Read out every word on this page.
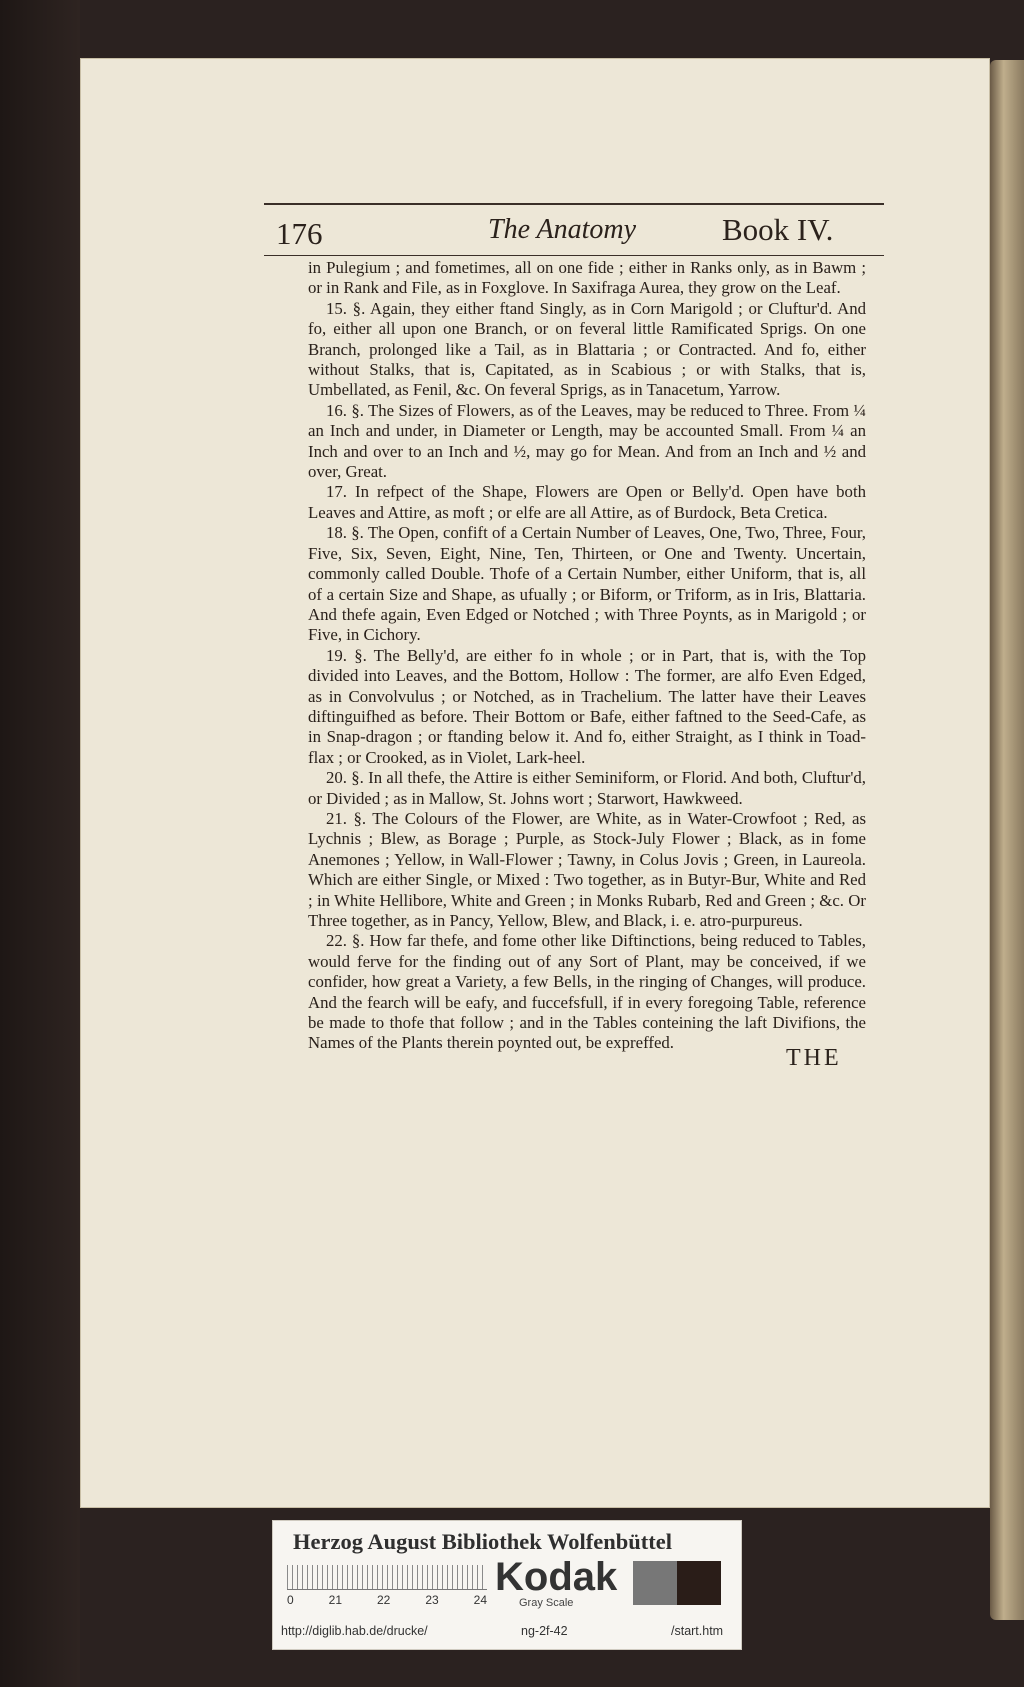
176	The Anatomy	Book IV.

in Pulegium ; and fometimes, all on one fide ; either in Ranks only, as in Bawm ; or in Rank and File, as in Foxglove. In Saxifraga Aurea, they grow on the Leaf.

15. §. Again, they either ftand Singly, as in Corn Marigold ; or Cluftur'd. And fo, either all upon one Branch, or on feveral little Ramificated Sprigs. On one Branch, prolonged like a Tail, as in Blattaria ; or Contracted. And fo, either without Stalks, that is, Capitated, as in Scabious ; or with Stalks, that is, Umbellated, as Fenil, &c. On feveral Sprigs, as in Tanacetum, Yarrow.

16. §. The Sizes of Flowers, as of the Leaves, may be reduced to Three. From ¼ an Inch and under, in Diameter or Length, may be accounted Small. From ¼ an Inch and over to an Inch and ½, may go for Mean. And from an Inch and ½ and over, Great.

17. In refpect of the Shape, Flowers are Open or Belly'd. Open have both Leaves and Attire, as moft ; or elfe are all Attire, as of Burdock, Beta Cretica.

18. §. The Open, confift of a Certain Number of Leaves, One, Two, Three, Four, Five, Six, Seven, Eight, Nine, Ten, Thirteen, or One and Twenty. Uncertain, commonly called Double. Thofe of a Certain Number, either Uniform, that is, all of a certain Size and Shape, as ufually ; or Biform, or Triform, as in Iris, Blattaria. And thefe again, Even Edged or Notched ; with Three Poynts, as in Marigold ; or Five, in Cichory.

19. §. The Belly'd, are either fo in whole ; or in Part, that is, with the Top divided into Leaves, and the Bottom, Hollow : The former, are alfo Even Edged, as in Convolvulus ; or Notched, as in Trachelium. The latter have their Leaves diftinguifhed as before. Their Bottom or Bafe, either faftned to the Seed-Cafe, as in Snap-dragon ; or ftanding below it. And fo, either Straight, as I think in Toad-flax ; or Crooked, as in Violet, Lark-heel.

20. §. In all thefe, the Attire is either Seminiform, or Florid. And both, Cluftur'd, or Divided ; as in Mallow, St. Johns wort ; Starwort, Hawkweed.

21. §. The Colours of the Flower, are White, as in Water-Crowfoot ; Red, as Lychnis ; Blew, as Borage ; Purple, as Stock-July Flower ; Black, as in fome Anemones ; Yellow, in Wall-Flower ; Tawny, in Colus Jovis ; Green, in Laureola. Which are either Single, or Mixed : Two together, as in Butyr-Bur, White and Red ; in White Hellibore, White and Green ; in Monks Rubarb, Red and Green ; &c. Or Three together, as in Pancy, Yellow, Blew, and Black, i. e. atro-purpureus.

22. §. How far thefe, and fome other like Diftinctions, being reduced to Tables, would ferve for the finding out of any Sort of Plant, may be conceived, if we confider, how great a Variety, a few Bells, in the ringing of Changes, will produce. And the fearch will be eafy, and fuccefsfull, if in every foregoing Table, reference be made to thofe that follow ; and in the Tables conteining the laft Divifions, the Names of the Plants therein poynted out, be expreffed.

THE
Herzog August Bibliothek Wolfenbüttel
0	21	22	23	24
Kodak
Gray Scale
http://diglib.hab.de/drucke/	ng-2f-42	/start.htm
